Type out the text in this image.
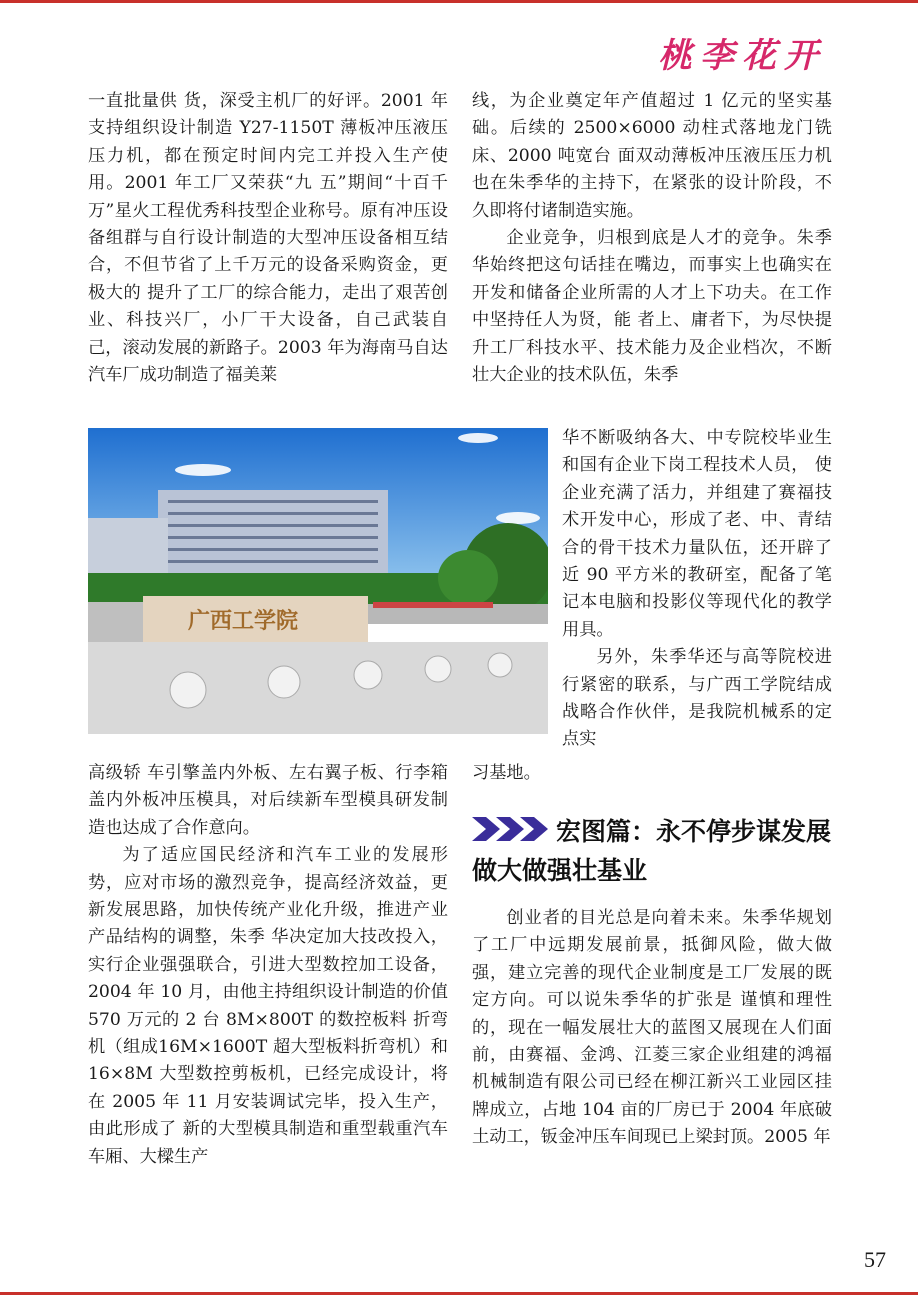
桃李花开

一直批量供 货，深受主机厂的好评。2001 年支持组织设计制造 Y27-1150T 薄板冲压液压压力机，都在预定时间内完工并投入生产使用。2001 年工厂又荣获“九 五”期间“十百千万”星火工程优秀科技型企业称号。原有冲压设备组群与自行设计制造的大型冲压设备相互结合，不但节省了上千万元的设备采购资金，更极大的 提升了工厂的综合能力，走出了艰苦创业、科技兴厂，小厂干大设备，自己武装自己，滚动发展的新路子。2003 年为海南马自达汽车厂成功制造了福美莱

线，为企业奠定年产值超过 1 亿元的坚实基础。后续的 2500×6000 动柱式落地龙门铣床、2000 吨宽台 面双动薄板冲压液压压力机也在朱季华的主持下，在紧张的设计阶段，不久即将付诸制造实施。

企业竞争，归根到底是人才的竞争。朱季华始终把这句话挂在嘴边，而事实上也确实在开发和储备企业所需的人才上下功夫。在工作中坚持任人为贤，能 者上、庸者下，为尽快提升工厂科技水平、技术能力及企业档次，不断壮大企业的技术队伍，朱季

广西工学院

华不断吸纳各大、中专院校毕业生和国有企业下岗工程技术人员， 使企业充满了活力，并组建了赛福技术开发中心，形成了老、中、青结合的骨干技术力量队伍，还开辟了近 90 平方米的教研室，配备了笔记本电脑和投影仪等现代化的教学用具。

另外，朱季华还与高等院校进行紧密的联系，与广西工学院结成战略合作伙伴，是我院机械系的定点实

习基地。

高级轿 车引擎盖内外板、左右翼子板、行李箱盖内外板冲压模具，对后续新车型模具研发制造也达成了合作意向。

为了适应国民经济和汽车工业的发展形势，应对市场的激烈竞争，提高经济效益，更新发展思路，加快传统产业化升级，推进产业产品结构的调整，朱季 华决定加大技改投入，实行企业强强联合，引进大型数控加工设备，2004 年 10 月，由他主持组织设计制造的价值 570 万元的 2 台 8M×800T 的数控板料 折弯机（组成16M×1600T 超大型板料折弯机）和16×8M 大型数控剪板机，已经完成设计，将在 2005 年 11 月安装调试完毕，投入生产，由此形成了 新的大型模具制造和重型载重汽车车厢、大樑生产

宏图篇：永不停步谋发展 做大做强壮基业

创业者的目光总是向着未来。朱季华规划了工厂中远期发展前景，抵御风险，做大做强，建立完善的现代企业制度是工厂发展的既定方向。可以说朱季华的扩张是 谨慎和理性的，现在一幅发展壮大的蓝图又展现在人们面前，由赛福、金鸿、江菱三家企业组建的鸿福机械制造有限公司已经在柳江新兴工业园区挂牌成立，占地 104 亩的厂房已于 2004 年底破土动工，钣金冲压车间现已上梁封顶。2005 年

57
